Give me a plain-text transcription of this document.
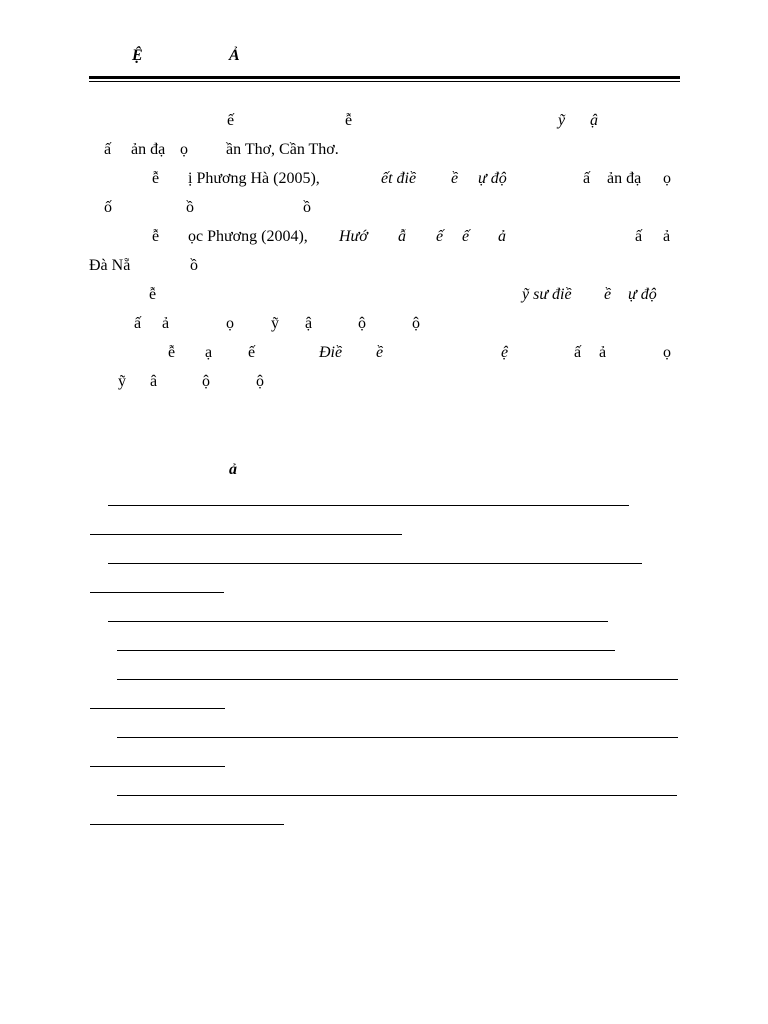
Ệ	Ả
ế	ễ	ỹ ậ
ấ ản đạ ọ ần Thơ, Cần Thơ.
ễ ị Phương Hà (2005),	ết điề ề ự độ	ấ ản đạ ọ
ố	ồ	ồ
ễ ọc Phương (2004), Hướ ẫ ế ế ả	ấ ả
Đà Nẵ	ồ
ễ	ỹ sư điề ề ự độ
ấ ả	ọ ỹ ậ	ộ	ộ
ễ ạ ế	Điề ề	ệ	ấ ả	ọ
ỹ â	ộ	ộ
ả
